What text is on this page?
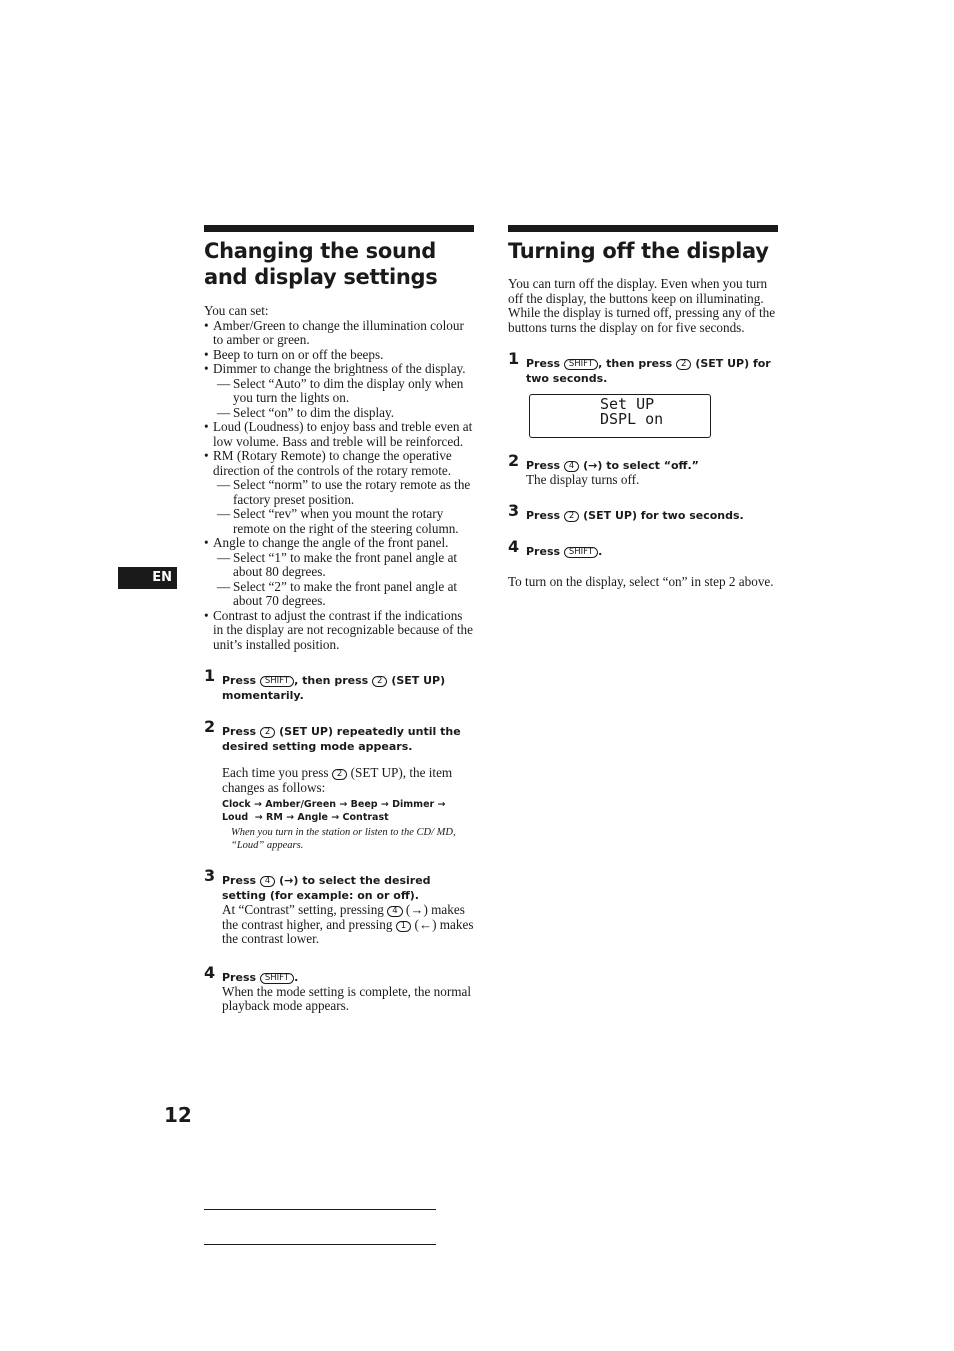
Changing the sound and display settings
You can set:
• Amber/Green to change the illumination colour to amber or green.
• Beep to turn on or off the beeps.
• Dimmer to change the brightness of the display.
— Select “Auto” to dim the display only when you turn the lights on.
— Select “on” to dim the display.
• Loud (Loudness) to enjoy bass and treble even at low volume. Bass and treble will be reinforced.
• RM (Rotary Remote) to change the operative direction of the controls of the rotary remote.
— Select “norm” to use the rotary remote as the factory preset position.
— Select “rev” when you mount the rotary remote on the right of the steering column.
• Angle to change the angle of the front panel.
— Select “1” to make the front panel angle at about 80 degrees.
— Select “2” to make the front panel angle at about 70 degrees.
• Contrast to adjust the contrast if the indications in the display are not recognizable because of the unit’s installed position.
1 Press SHIFT , then press 2 (SET UP) momentarily.
2 Press 2 (SET UP) repeatedly until the desired setting mode appears.
Each time you press 2 (SET UP), the item changes as follows:
Clock → Amber/Green → Beep → Dimmer →
Loud  → RM → Angle → Contrast
When you turn in the station or listen to the CD/ MD, “Loud” appears.
3 Press 4 (→) to select the desired setting (for example: on or off).
At “Contrast” setting, pressing 4 (→) makes the contrast higher, and pressing 1 (←) makes the contrast lower.
4 Press SHIFT .
When the mode setting is complete, the normal playback mode appears.
Turning off the display
You can turn off the display. Even when you turn off the display, the buttons keep on illuminating. While the display is turned off, pressing any of the buttons turns the display on for five seconds.
1 Press SHIFT , then press 2 (SET UP) for two seconds.
Set UP
DSPL on
2 Press 4 (→) to select “off.”
The display turns off.
3 Press 2 (SET UP) for two seconds.
4 Press SHIFT .
To turn on the display, select “on” in step 2 above.
EN
12
